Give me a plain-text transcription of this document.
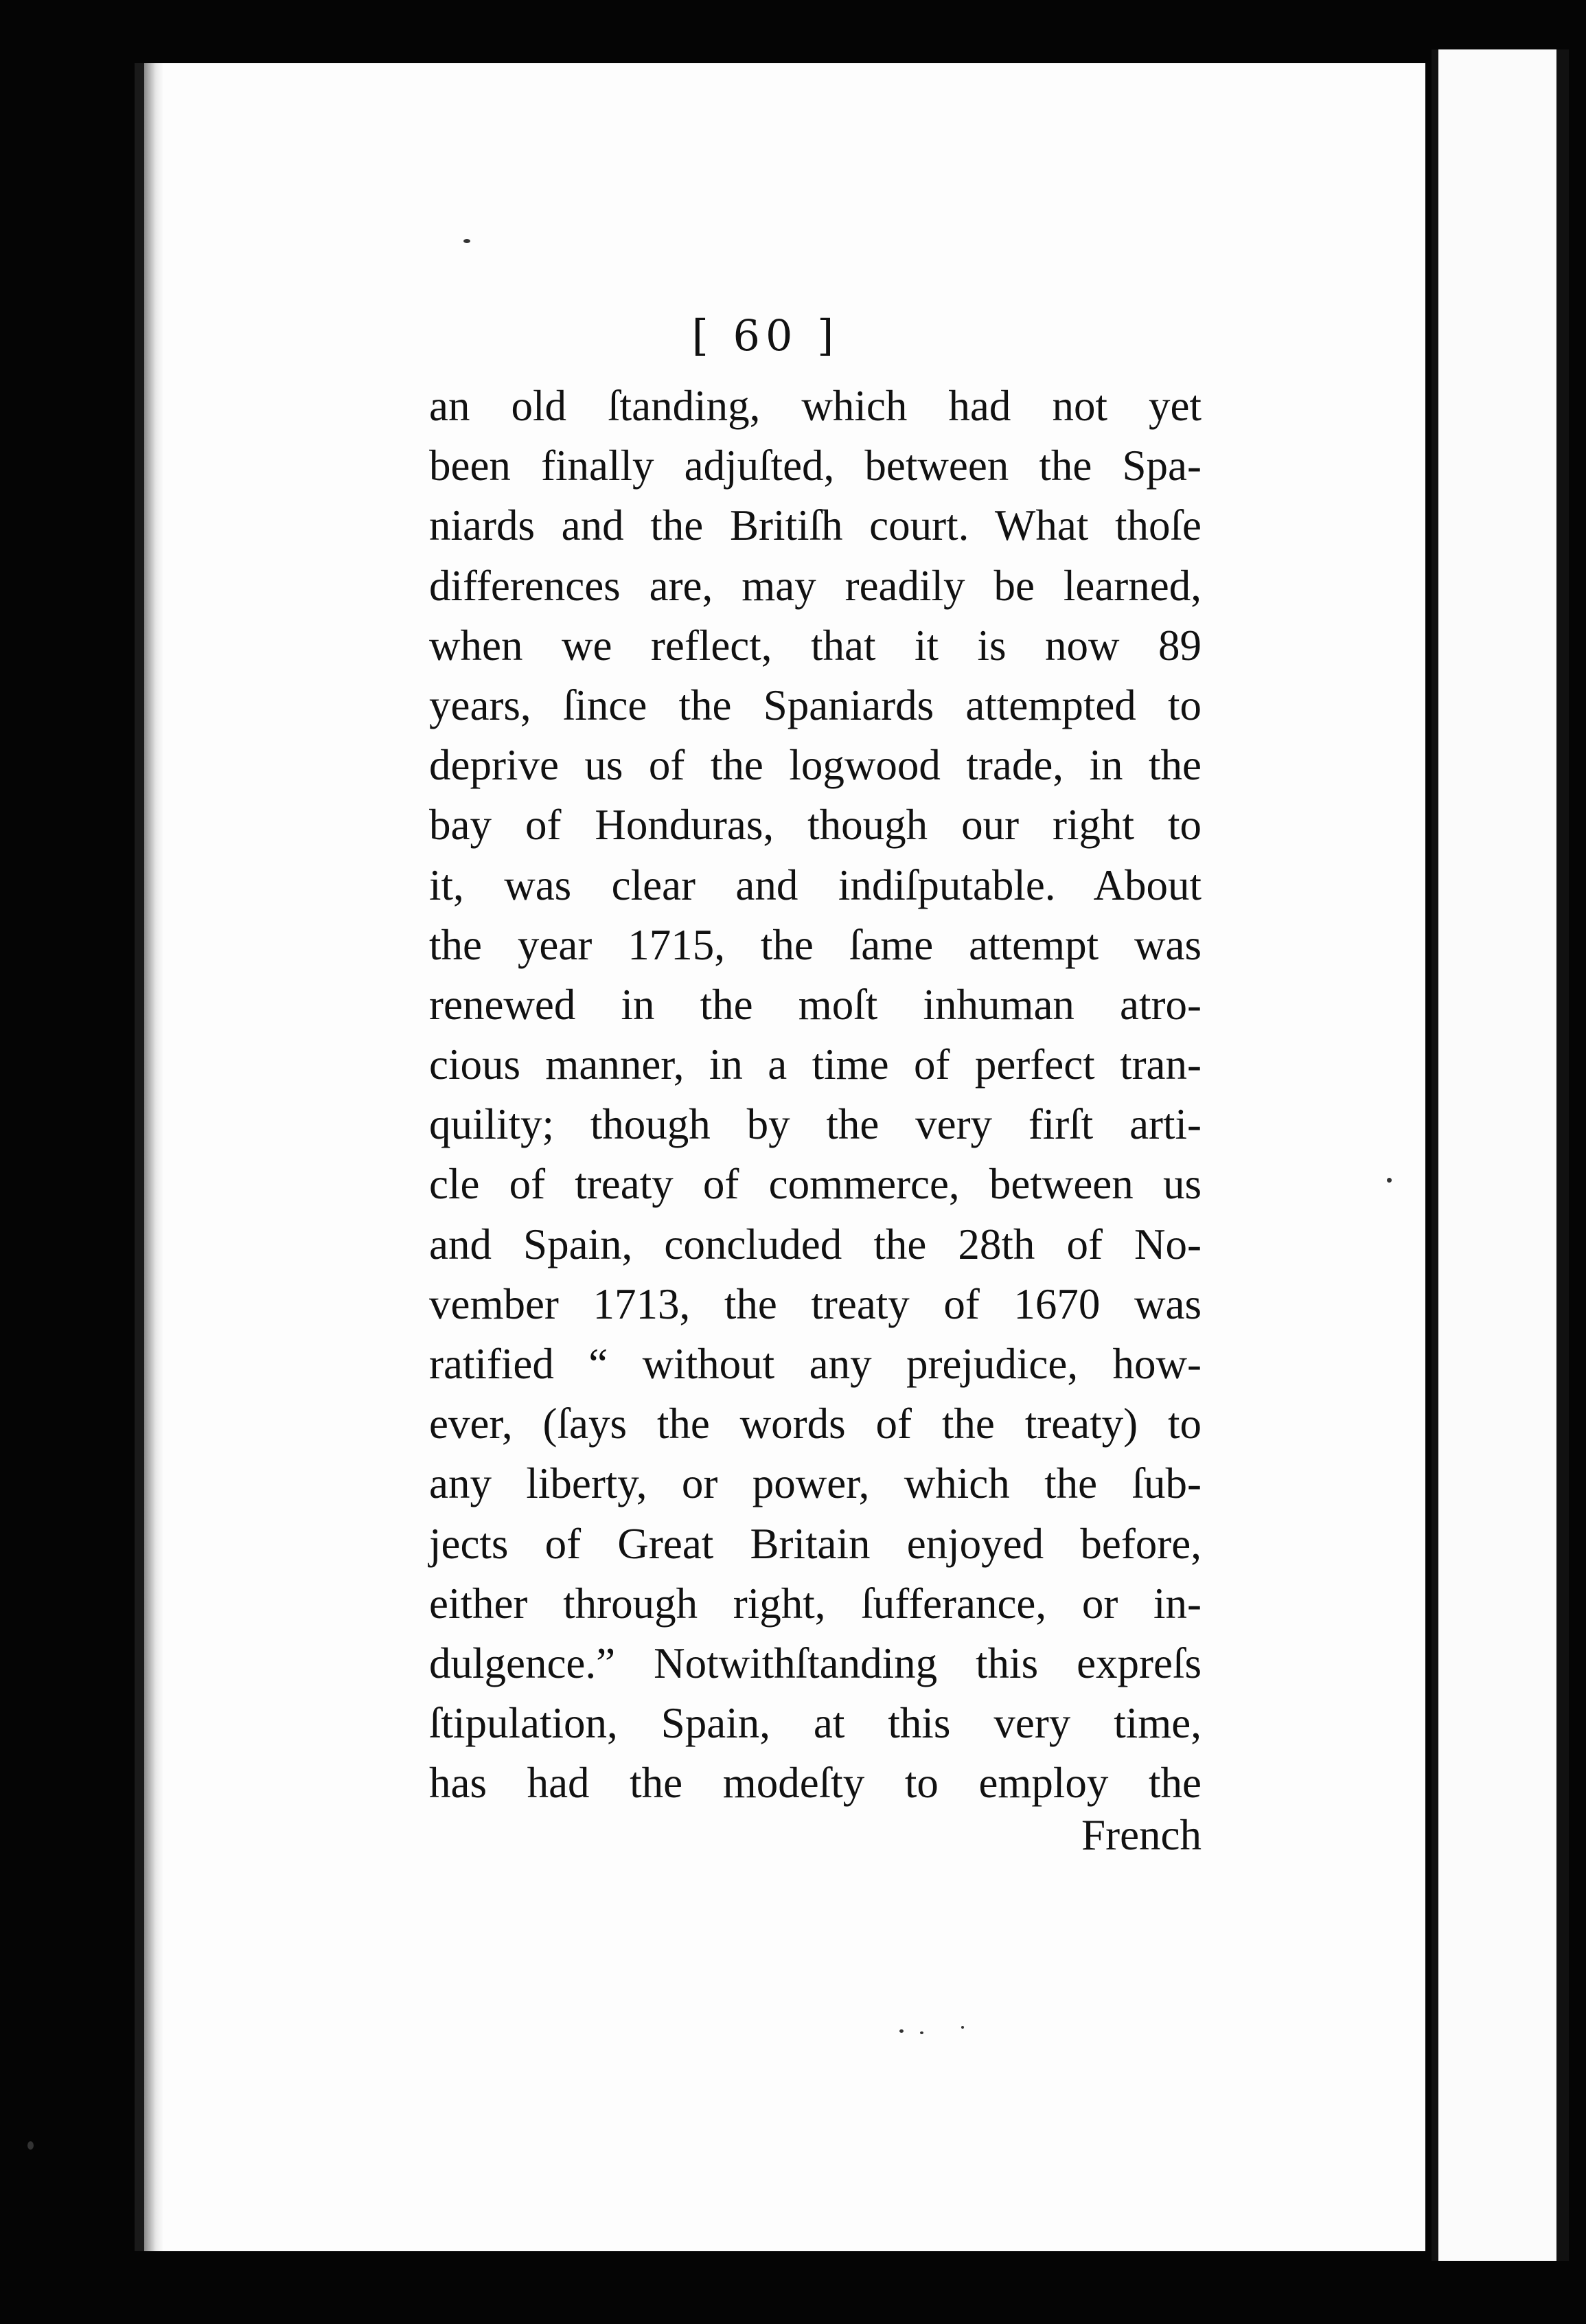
[ 60 ]
an old ſtanding, which had not yet
been finally adjuſted, between the Spa-
niards and the Britiſh court. What thoſe
differences are, may readily be learned,
when we reflect, that it is now 89
years, ſince the Spaniards attempted to
deprive us of the logwood trade, in the
bay of Honduras, though our right to
it, was clear and indiſputable. About
the year 1715, the ſame attempt was
renewed in the moſt inhuman atro-
cious manner, in a time of perfect tran-
quility; though by the very firſt arti-
cle of treaty of commerce, between us
and Spain, concluded the 28th of No-
vember 1713, the treaty of 1670 was
ratified “ without any prejudice, how-
ever, (ſays the words of the treaty) to
any liberty, or power, which the ſub-
jects of Great Britain enjoyed before,
either through right, ſufferance, or in-
dulgence.” Notwithſtanding this expreſs
ſtipulation, Spain, at this very time,
has had the modeſty to employ the
French
